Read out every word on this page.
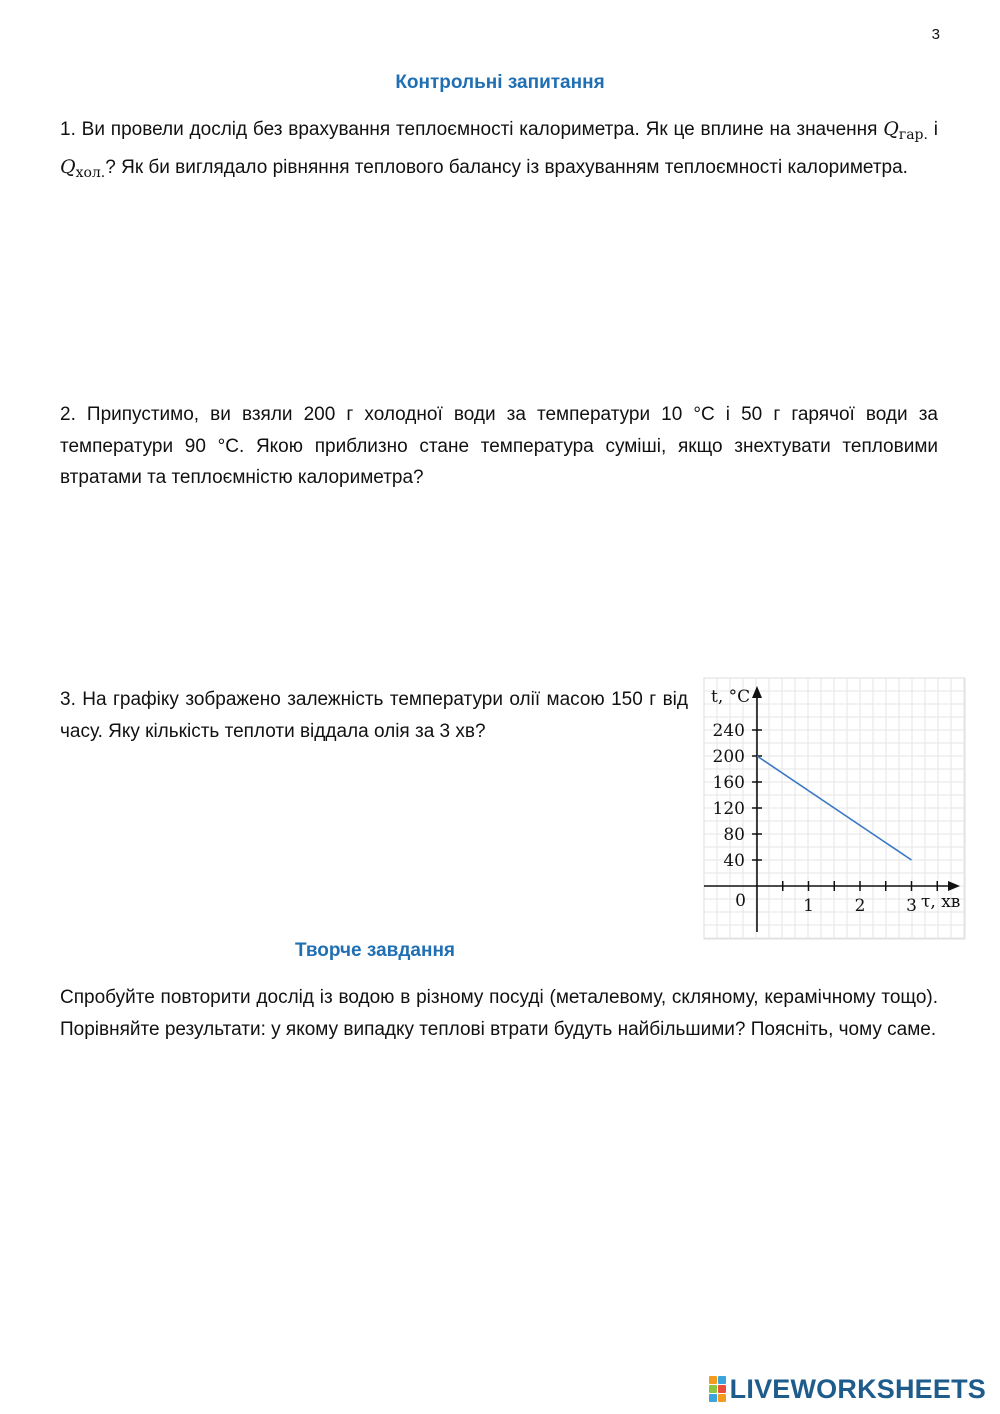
3
Контрольні запитання
1. Ви провели дослід без врахування теплоємності калориметра. Як це вплине на значення $Q_{гар.}$ і $Q_{хол.}$? Як би виглядало рівняння теплового балансу із врахуванням теплоємності калориметра.
2. Припустимо, ви взяли 200 г холодної води за температури 10 °C і 50 г гарячої води за температури 90 °C. Якою приблизно стане температура суміші, якщо знехтувати тепловими втратами та теплоємністю калориметра?
3. На графіку зображено залежність температури олії масою 150 г від часу. Яку кількість теплоти віддала олія за 3 хв?
40
80
120
160
200
240
1 2 3
0
t, °C
τ, хв
Творче завдання
Спробуйте повторити дослід із водою в різному посуді (металевому, скляному, керамічному тощо). Порівняйте результати: у якому випадку теплові втрати будуть найбільшими? Поясніть, чому саме.
LIVEWORKSHEETS
